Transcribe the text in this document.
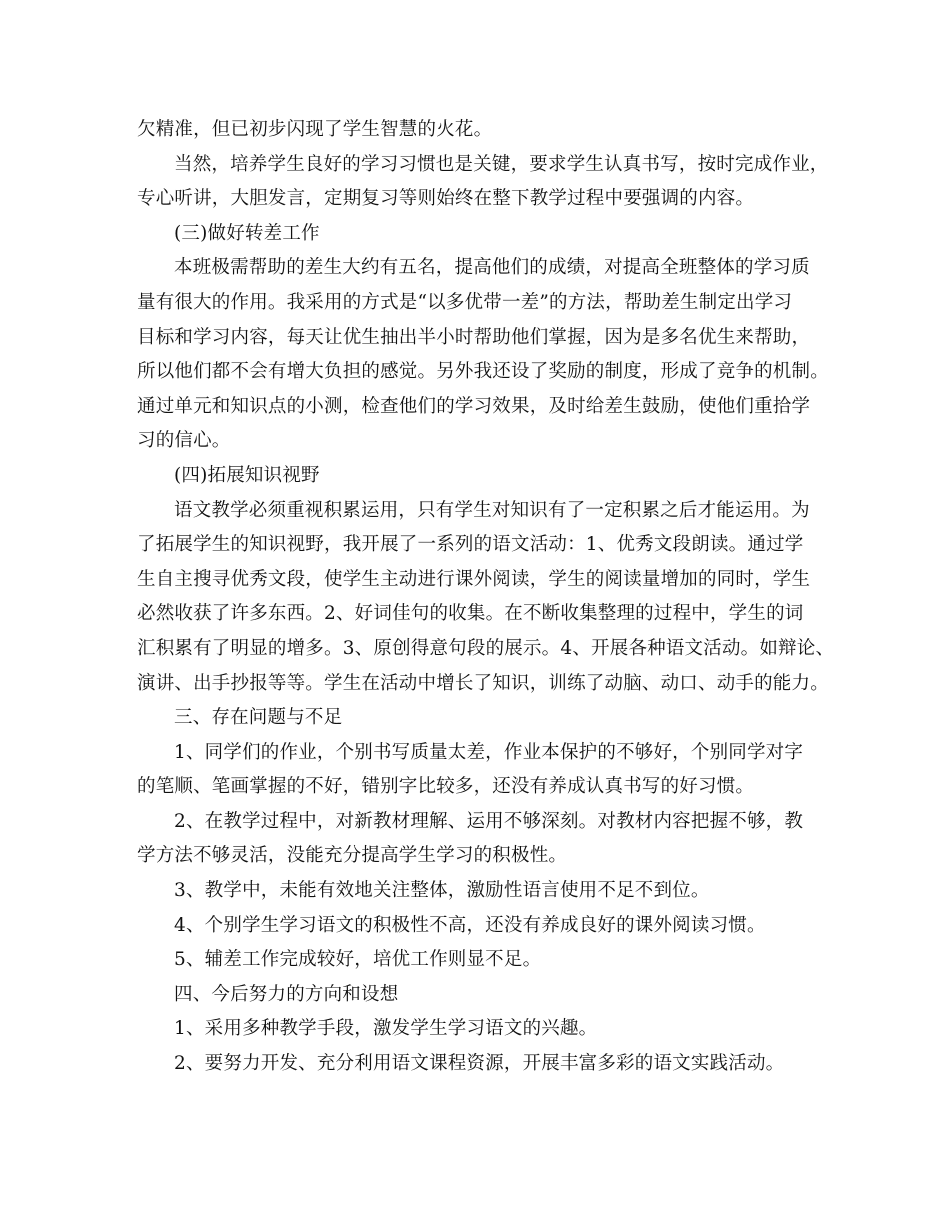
欠精准，但已初步闪现了学生智慧的火花。
当然，培养学生良好的学习习惯也是关键，要求学生认真书写，按时完成作业，
专心听讲，大胆发言，定期复习等则始终在整下教学过程中要强调的内容。
(三)做好转差工作
本班极需帮助的差生大约有五名，提高他们的成绩，对提高全班整体的学习质
量有很大的作用。我采用的方式是“以多优带一差”的方法，帮助差生制定出学习
目标和学习内容，每天让优生抽出半小时帮助他们掌握，因为是多名优生来帮助，
所以他们都不会有增大负担的感觉。另外我还设了奖励的制度，形成了竞争的机制。
通过单元和知识点的小测，检查他们的学习效果，及时给差生鼓励，使他们重拾学
习的信心。
(四)拓展知识视野
语文教学必须重视积累运用，只有学生对知识有了一定积累之后才能运用。为
了拓展学生的知识视野，我开展了一系列的语文活动：1、优秀文段朗读。通过学
生自主搜寻优秀文段，使学生主动进行课外阅读，学生的阅读量增加的同时，学生
必然收获了许多东西。2、好词佳句的收集。在不断收集整理的过程中，学生的词
汇积累有了明显的增多。3、原创得意句段的展示。4、开展各种语文活动。如辩论、
演讲、出手抄报等等。学生在活动中增长了知识，训练了动脑、动口、动手的能力。
三、存在问题与不足
1、同学们的作业，个别书写质量太差，作业本保护的不够好，个别同学对字
的笔顺、笔画掌握的不好，错别字比较多，还没有养成认真书写的好习惯。
2、在教学过程中，对新教材理解、运用不够深刻。对教材内容把握不够，教
学方法不够灵活，没能充分提高学生学习的积极性。
3、教学中，未能有效地关注整体，激励性语言使用不足不到位。
4、个别学生学习语文的积极性不高，还没有养成良好的课外阅读习惯。
5、辅差工作完成较好，培优工作则显不足。
四、今后努力的方向和设想
1、采用多种教学手段，激发学生学习语文的兴趣。
2、要努力开发、充分利用语文课程资源，开展丰富多彩的语文实践活动。
